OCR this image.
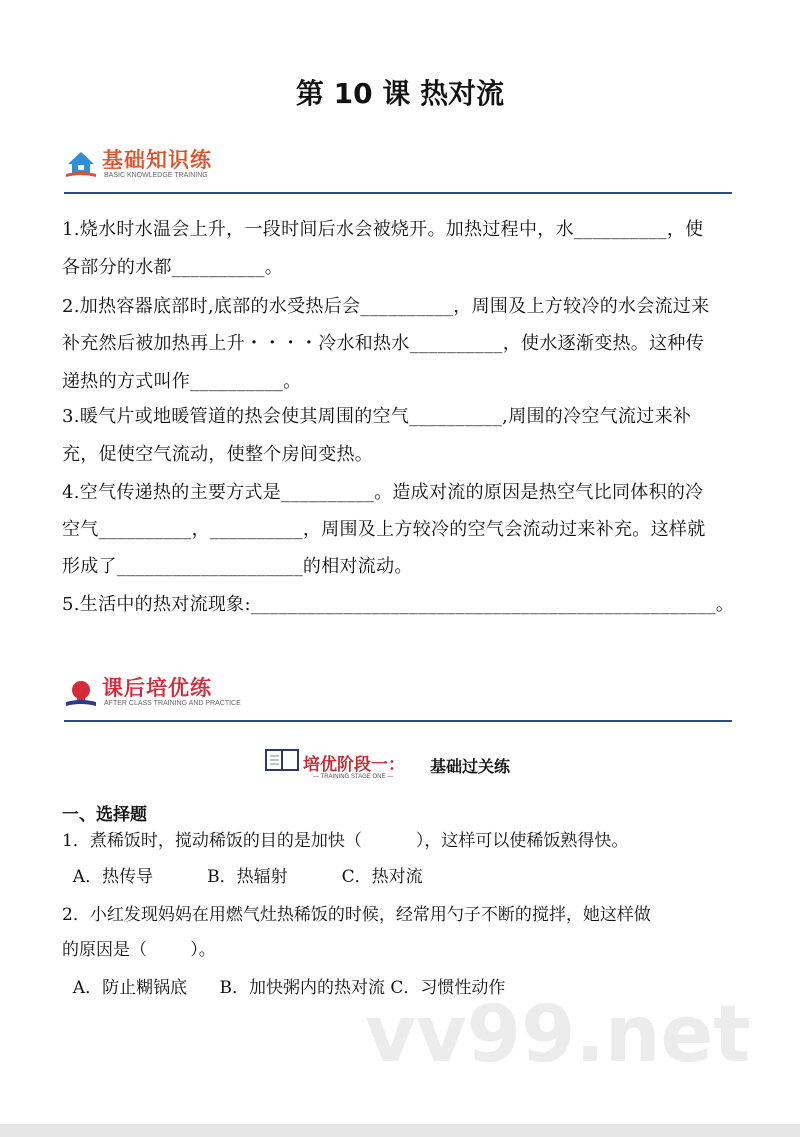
第 10 课 热对流
基础知识练
BASIC KNOWLEDGE TRAINING
1.烧水时水温会上升，一段时间后水会被烧开。加热过程中，水__________，使
各部分的水都__________。
2.加热容器底部时,底部的水受热后会__________，周围及上方较冷的水会流过来
补充然后被加热再上升・・・・冷水和热水__________，使水逐渐变热。这种传
递热的方式叫作__________。
3.暖气片或地暖管道的热会使其周围的空气__________,周围的冷空气流过来补
充，促使空气流动，使整个房间变热。
4.空气传递热的主要方式是__________。造成对流的原因是热空气比同体积的冷
空气__________，__________，周围及上方较冷的空气会流动过来补充。这样就
形成了____________________的相对流动。
5.生活中的热对流现象:__________________________________________________。
课后培优练
AFTER CLASS TRAINING AND PRACTICE
培优阶段一： 基础过关练
— TRAINING STAGE ONE —
一、选择题
1．煮稀饭时，搅动稀饭的目的是加快（          ），这样可以使稀饭熟得快。
A．热传导          B．热辐射          C．热对流
2．小红发现妈妈在用燃气灶热稀饭的时候，经常用勺子不断的搅拌，她这样做
的原因是（        ）。
A．防止糊锅底      B．加快粥内的热对流 C．习惯性动作
vv99.net
